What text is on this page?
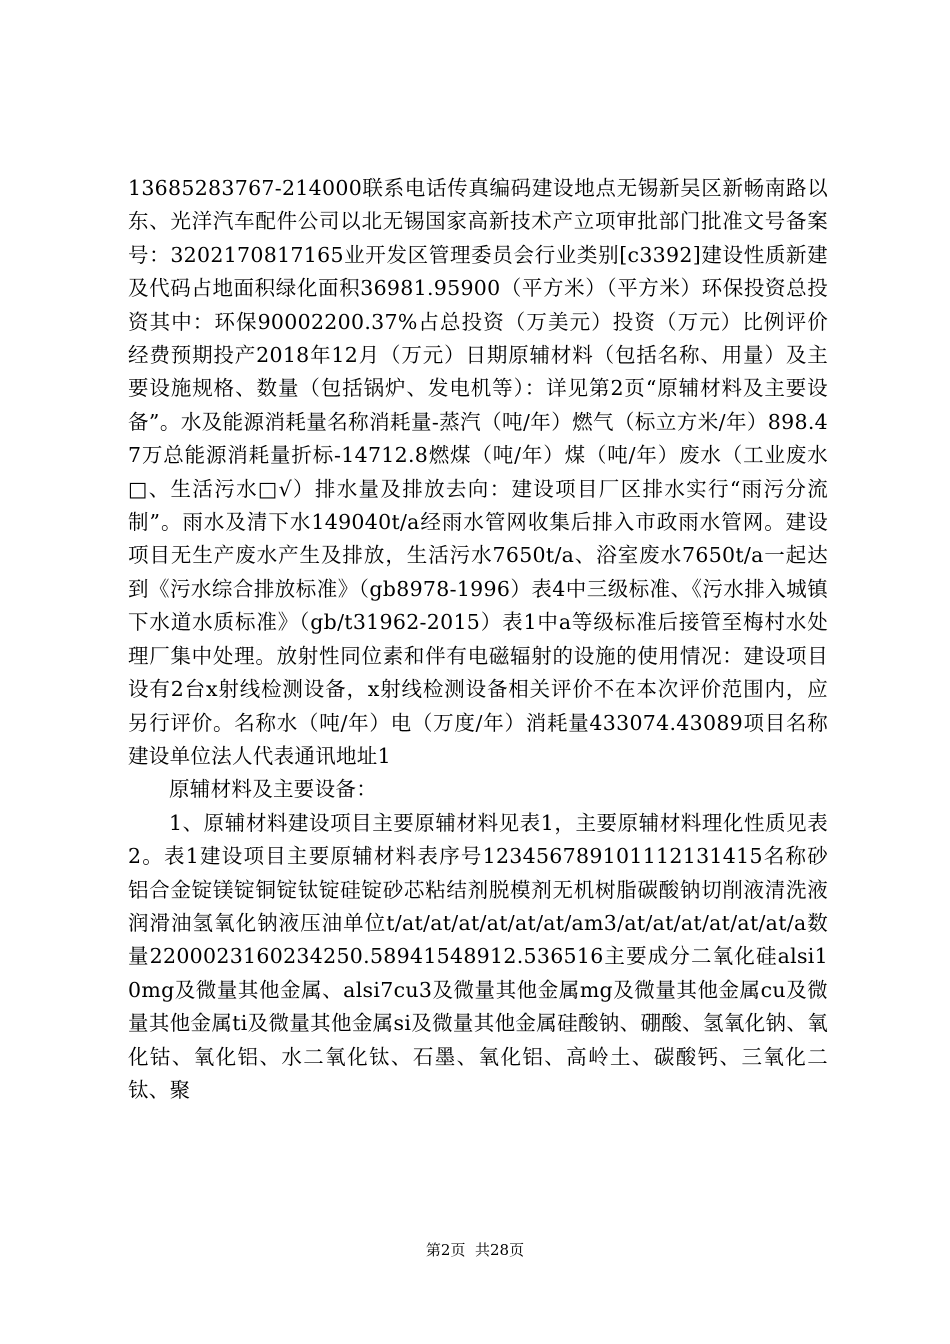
13685283767-214000联系电话传真编码建设地点无锡新吴区新畅南路以东、光洋汽车配件公司以北无锡国家高新技术产立项审批部门批准文号备案号：3202170817165业开发区管理委员会行业类别[c3392]建设性质新建及代码占地面积绿化面积36981.95900（平方米）（平方米）环保投资总投资其中：环保90002200.37%占总投资（万美元）投资（万元）比例评价经费预期投产2018年12月（万元）日期原辅材料（包括名称、用量）及主要设施规格、数量（包括锅炉、发电机等）：详见第2页“原辅材料及主要设备”。水及能源消耗量名称消耗量-蒸汽（吨/年）燃气（标立方米/年）898.47万总能源消耗量折标-14712.8燃煤（吨/年）煤（吨/年）废水（工业废水□、生活污水□√）排水量及排放去向：建设项目厂区排水实行“雨污分流制”。雨水及清下水149040t/a经雨水管网收集后排入市政雨水管网。建设项目无生产废水产生及排放，生活污水7650t/a、浴室废水7650t/a一起达到《污水综合排放标准》（gb8978-1996）表4中三级标准、《污水排入城镇下水道水质标准》（gb/t31962-2015）表1中a等级标准后接管至梅村水处理厂集中处理。放射性同位素和伴有电磁辐射的设施的使用情况：建设项目设有2台x射线检测设备，x射线检测设备相关评价不在本次评价范围内，应另行评价。名称水（吨/年）电（万度/年）消耗量433074.43089项目名称建设单位法人代表通讯地址1

原辅材料及主要设备：

1、原辅材料建设项目主要原辅材料见表1，主要原辅材料理化性质见表2。表1建设项目主要原辅材料表序号123456789101112131415名称砂铝合金锭镁锭铜锭钛锭硅锭砂芯粘结剂脱模剂无机树脂碳酸钠切削液清洗液润滑油氢氧化钠液压油单位t/at/at/at/at/at/at/am3/at/at/at/at/at/at/a数量2200023160234250.58941548912.536516主要成分二氧化硅alsi10mg及微量其他金属、alsi7cu3及微量其他金属mg及微量其他金属cu及微量其他金属ti及微量其他金属si及微量其他金属硅酸钠、硼酸、氢氧化钠、氧化钴、氧化铝、水二氧化钛、石墨、氧化铝、高岭土、碳酸钙、三氧化二钛、聚

第2页 共28页
